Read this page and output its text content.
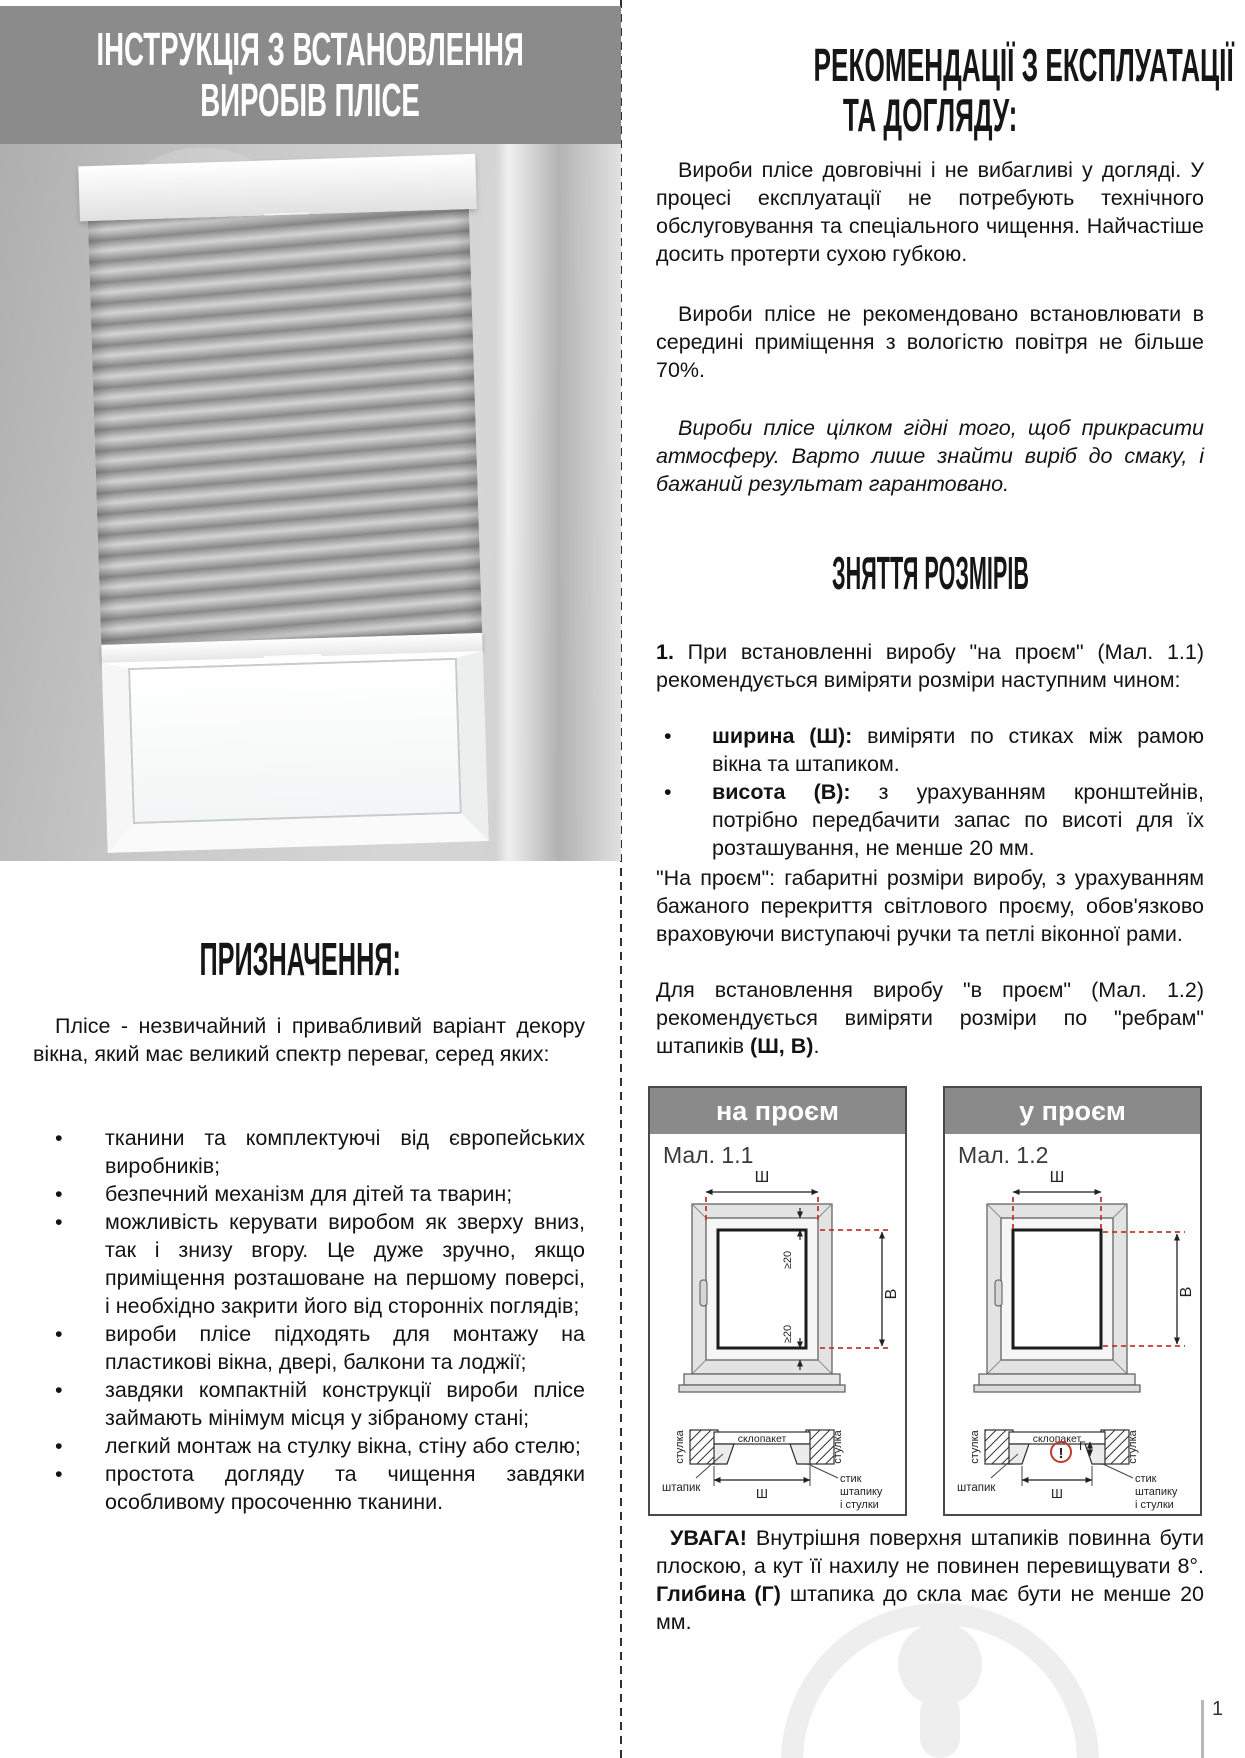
ІНСТРУКЦІЯ З ВСТАНОВЛЕННЯ
ВИРОБІВ ПЛІСЕ
ПРИЗНАЧЕННЯ:
Плісе - незвичайний і привабливий варіант декору вікна, який має великий спектр переваг, серед яких:
• тканини та комплектуючі від європейських виробників;
• безпечний механізм для дітей та тварин;
• можливість керувати виробом як зверху вниз, так і знизу вгору. Це дуже зручно, якщо приміщення розташоване на першому поверсі, і необхідно закрити його від сторонніх поглядів;
• вироби плісе підходять для монтажу на пластикові вікна, двері, балкони та лоджії;
• завдяки компактній конструкції вироби плісе займають мінімум місця у зібраному стані;
• легкий монтаж на стулку вікна, стіну або стелю;
• простота догляду та чищення завдяки особливому просоченню тканини.
РЕКОМЕНДАЦІЇ З ЕКСПЛУАТАЦІЇ
ТА ДОГЛЯДУ:
Вироби плісе довговічні і не вибагливі у догляді. У процесі експлуатації не потребують технічного обслуговування та спеціального чищення. Найчастіше досить протерти сухою губкою.
Вироби плісе не рекомендовано встановлювати в середині приміщення з вологістю повітря не більше 70%.
Вироби плісе цілком гідні того, щоб прикрасити атмосферу. Варто лише знайти виріб до смаку, і бажаний результат гарантовано.
ЗНЯТТЯ РОЗМІРІВ
1. При встановленні виробу "на проєм" (Мал. 1.1) рекомендується виміряти розміри наступним чином:
• ширина (Ш): виміряти по стиках між рамою вікна та штапиком.
• висота (В): з урахуванням кронштейнів, потрібно передбачити запас по висоті для їх розташування, не менше 20 мм.
"На проєм": габаритні розміри виробу, з урахуванням бажаного перекриття світлового проєму, обов'язково враховуючи виступаючі ручки та петлі віконної рами.
Для встановлення виробу "в проєм" (Мал. 1.2) рекомендується виміряти розміри по "ребрам" штапиків (Ш, В).
на проєм
Мал. 1.1
Ш
В
≥20
≥20
стулка	стулка
склопакет
штапик	Ш
стик
штапику
і стулки
у проєм
Мал. 1.2
Ш
В
стулка	стулка
склопакет
штапик
! Г
Ш
стик
штапику
і стулки
УВАГА! Внутрішня поверхня штапиків повинна бути плоскою, а кут її нахилу не повинен перевищувати 8°. Глибина (Г) штапика до скла має бути не менше 20 мм.
1
